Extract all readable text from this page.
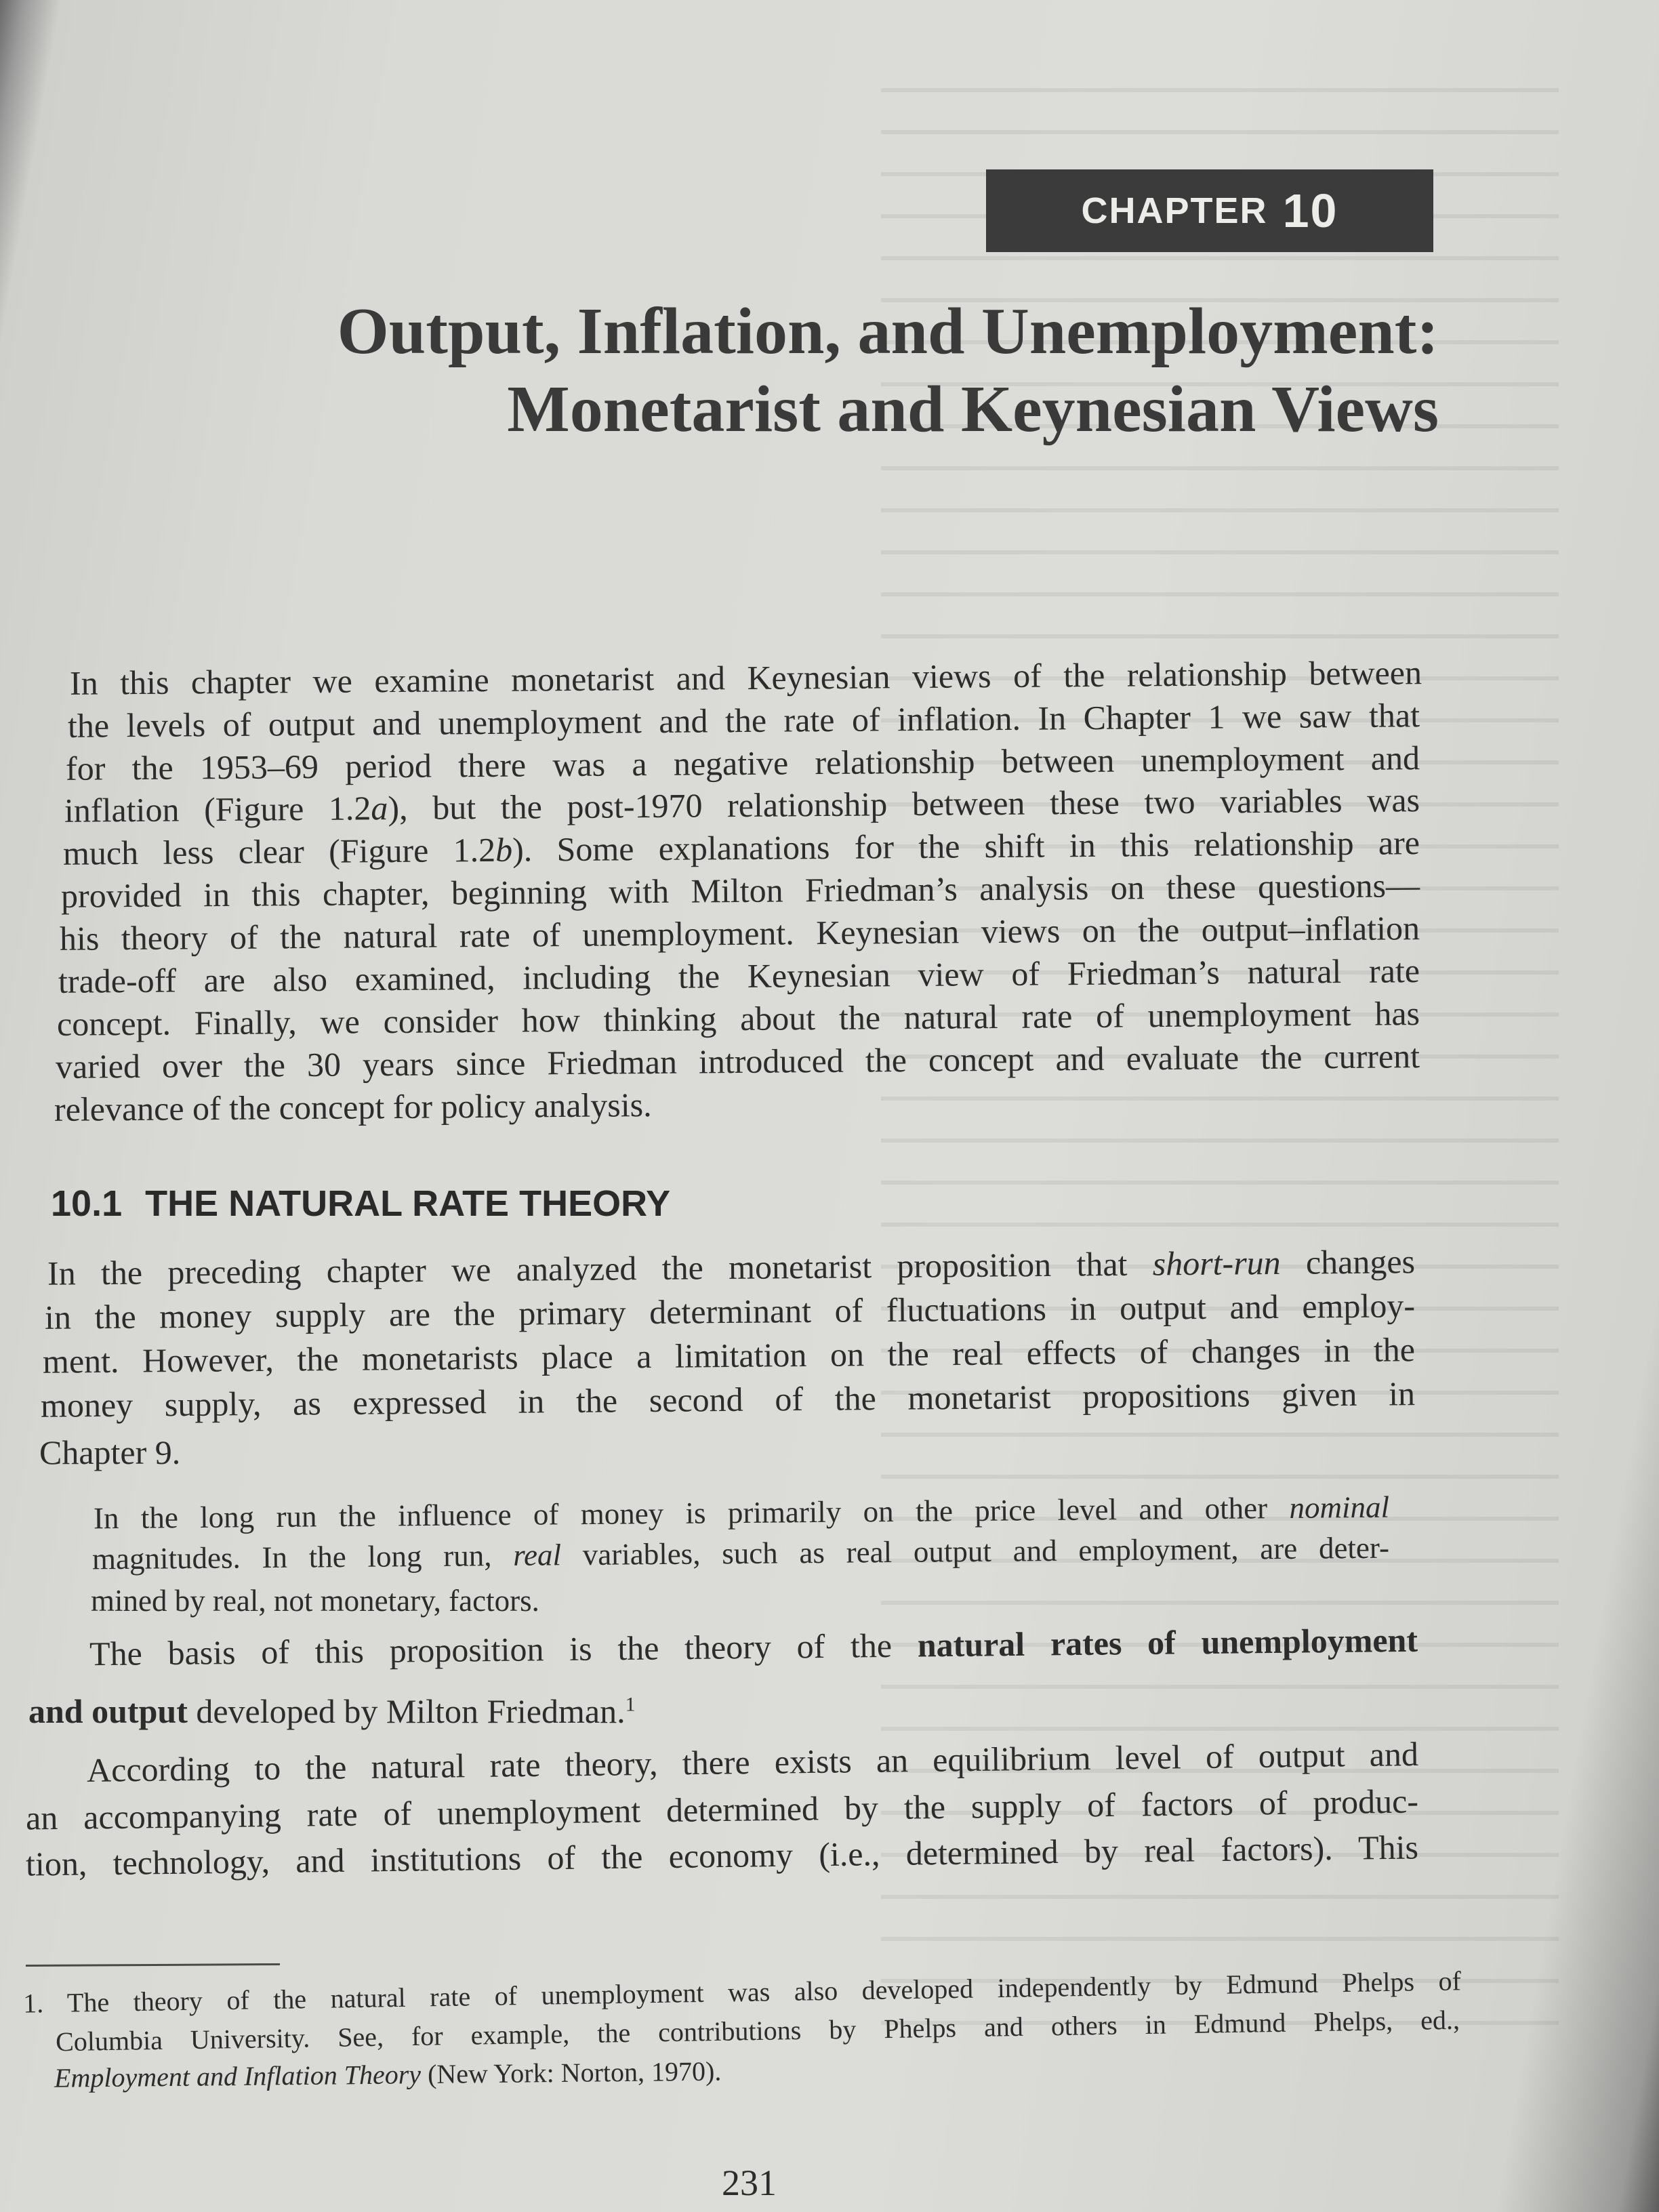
CHAPTER 10
Output, Inflation, and Unemployment:
Monetarist and Keynesian Views
In this chapter we examine monetarist and Keynesian views of the relationship between
the levels of output and unemployment and the rate of inflation. In Chapter 1 we saw that
for the 1953–69 period there was a negative relationship between unemployment and
inflation (Figure 1.2a), but the post-1970 relationship between these two variables was
much less clear (Figure 1.2b). Some explanations for the shift in this relationship are
provided in this chapter, beginning with Milton Friedman’s analysis on these questions—
his theory of the natural rate of unemployment. Keynesian views on the output–inflation
trade-off are also examined, including the Keynesian view of Friedman’s natural rate
concept. Finally, we consider how thinking about the natural rate of unemployment has
varied over the 30 years since Friedman introduced the concept and evaluate the current
relevance of the concept for policy analysis.
10.1 THE NATURAL RATE THEORY
In the preceding chapter we analyzed the monetarist proposition that short-run changes
in the money supply are the primary determinant of fluctuations in output and employ-
ment. However, the monetarists place a limitation on the real effects of changes in the
money supply, as expressed in the second of the monetarist propositions given in
Chapter 9.
In the long run the influence of money is primarily on the price level and other nominal
magnitudes. In the long run, real variables, such as real output and employment, are deter-
mined by real, not monetary, factors.
The basis of this proposition is the theory of the natural rates of unemployment
and output developed by Milton Friedman.$^1$
According to the natural rate theory, there exists an equilibrium level of output and
an accompanying rate of unemployment determined by the supply of factors of produc-
tion, technology, and institutions of the economy (i.e., determined by real factors). This
1. The theory of the natural rate of unemployment was also developed independently by Edmund Phelps of
Columbia University. See, for example, the contributions by Phelps and others in Edmund Phelps, ed.,
Employment and Inflation Theory (New York: Norton, 1970).
231
